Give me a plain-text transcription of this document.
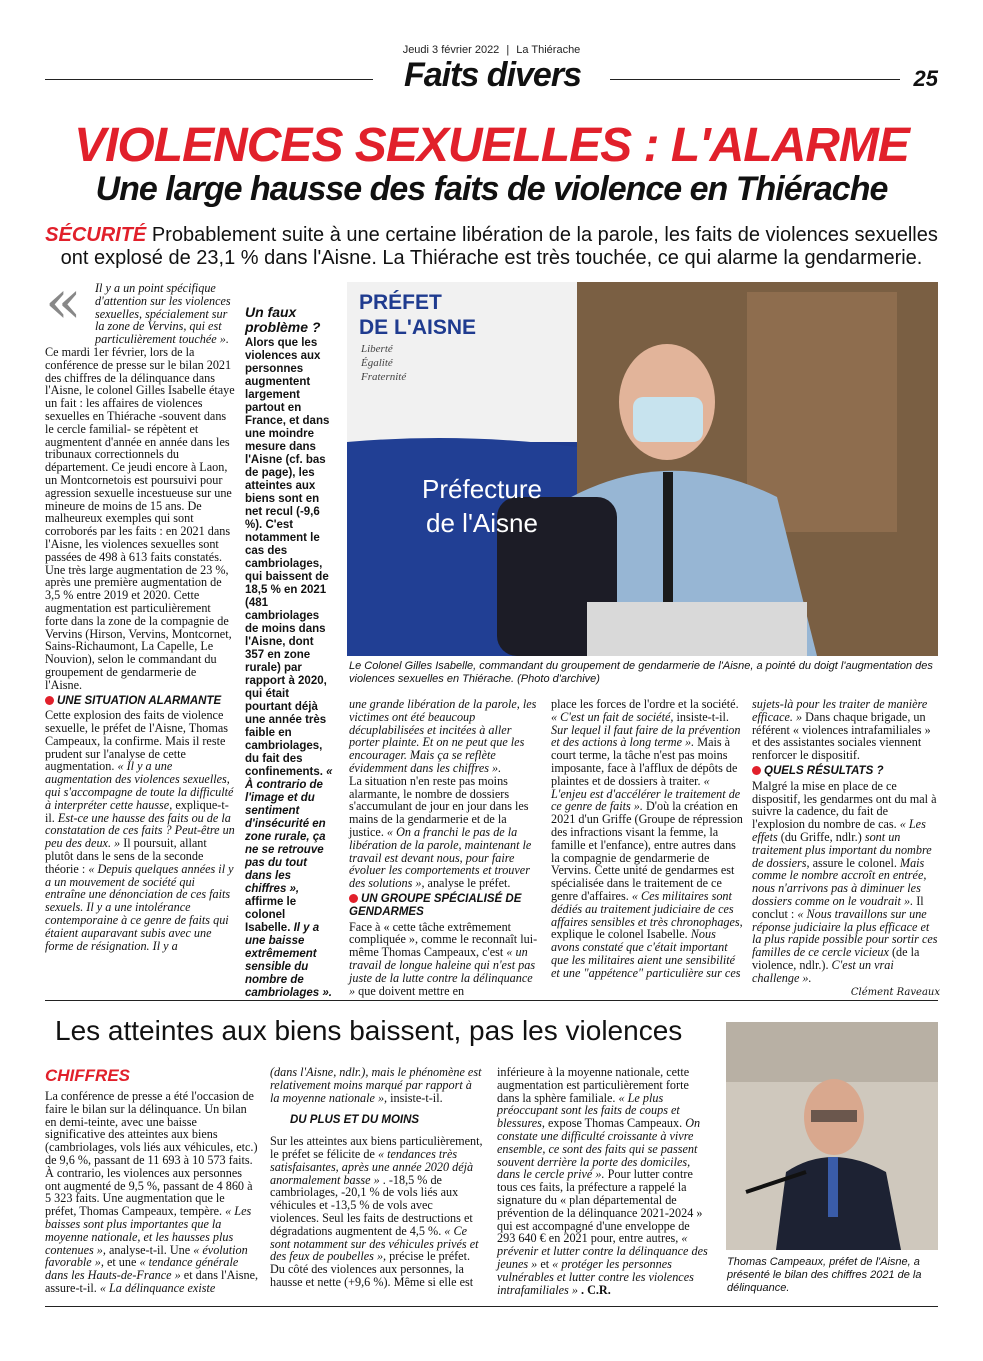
Jeudi 3 février 2022 | La Thiérache
Faits divers	25
VIOLENCES SEXUELLES : L'ALARME
Une large hausse des faits de violence en Thiérache
SÉCURITÉ Probablement suite à une certaine libération de la parole, les faits de violences sexuelles ont explosé de 23,1 % dans l'Aisne. La Thiérache est très touchée, ce qui alarme la gendarmerie.
«	Il y a un point spécifique d'attention sur les violences sexuelles, spécialement sur la zone de Vervins, qui est particulièrement touchée ».

Ce mardi 1er février, lors de la conférence de presse sur le bilan 2021 des chiffres de la délinquance dans l'Aisne, le colonel Gilles Isabelle étaye un fait : les affaires de violences sexuelles en Thiérache -souvent dans le cercle familial- se répètent et augmentent d'année en année dans les tribunaux correctionnels du département. Ce jeudi encore à Laon, un Montcornetois est poursuivi pour agression sexuelle incestueuse sur une mineure de moins de 15 ans. De malheureux exemples qui sont corroborés par les faits : en 2021 dans l'Aisne, les violences sexuelles sont passées de 498 à 613 faits constatés. Une très large augmentation de 23 %, après une première augmentation de 3,5 % entre 2019 et 2020. Cette augmentation est particulièrement forte dans la zone de la compagnie de Vervins (Hirson, Vervins, Montcornet, Sains-Richaumont, La Capelle, Le Nouvion), selon le commandant du groupement de gendarmerie de l'Aisne.

UNE SITUATION ALARMANTE

Cette explosion des faits de violence sexuelle, le préfet de l'Aisne, Thomas Campeaux, la confirme. Mais il reste prudent sur l'analyse de cette augmentation. « Il y a une augmentation des violences sexuelles, qui s'accompagne de toute la difficulté à interpréter cette hausse, explique-t-il. Est-ce une hausse des faits ou de la constatation de ces faits ? Peut-être un peu des deux. » Il poursuit, allant plutôt dans le sens de la seconde théorie : « Depuis quelques années il y a un mouvement de société qui entraîne une dénonciation de ces faits sexuels. Il y a une intolérance contemporaine à ce genre de faits qui étaient auparavant subis avec une forme de résignation. Il y a

Un faux problème ?
Alors que les violences aux personnes augmentent largement partout en France, et dans une moindre mesure dans l'Aisne (cf. bas de page), les atteintes aux biens sont en net recul (-9,6 %). C'est notamment le cas des cambriolages, qui baissent de 18,5 % en 2021 (481 cambriolages de moins dans l'Aisne, dont 357 en zone rurale) par rapport à 2020, qui était pourtant déjà une année très faible en cambriolages, du fait des confinements. « À contrario de l'image et du sentiment d'insécurité en zone rurale, ça ne se retrouve pas du tout dans les chiffres », affirme le colonel Isabelle. Il y a une baisse extrêmement sensible du nombre de cambriolages ».
PRÉFET
DE L'AISNE
Liberté
Égalité
Fraternité
Préfecture
de l'Aisne
Le Colonel Gilles Isabelle, commandant du groupement de gendarmerie de l'Aisne, a pointé du doigt l'augmentation des violences sexuelles en Thiérache. (Photo d'archive)

une grande libération de la parole, les victimes ont été beaucoup décuplabilisées et incitées à aller porter plainte. Et on ne peut que les encourager. Mais ça se reflète évidemment dans les chiffres ».

La situation n'en reste pas moins alarmante, le nombre de dossiers s'accumulant de jour en jour dans les mains de la gendarmerie et de la justice. « On a franchi le pas de la libération de la parole, maintenant le travail est devant nous, pour faire évoluer les comportements et trouver des solutions », analyse le préfet.

UN GROUPE SPÉCIALISÉ DE GENDARMES

Face à « cette tâche extrêmement compliquée », comme le reconnaît lui-même Thomas Campeaux, c'est « un travail de longue haleine qui n'est pas juste de la lutte contre la délinquance » que doivent mettre en

place les forces de l'ordre et la société. « C'est un fait de société, insiste-t-il. Sur lequel il faut faire de la prévention et des actions à long terme ». Mais à court terme, la tâche n'est pas moins imposante, face à l'afflux de dépôts de plaintes et de dossiers à traiter. « L'enjeu est d'accélérer le traitement de ce genre de faits ». D'où la création en 2021 d'un Griffe (Groupe de répression des infractions visant la femme, la famille et l'enfance), entre autres dans la compagnie de gendarmerie de Vervins. Cette unité de gendarmes est spécialisée dans le traitement de ce genre d'affaires. « Ces militaires sont dédiés au traitement judiciaire de ces affaires sensibles et très chronophages, explique le colonel Isabelle. Nous avons constaté que c'était important que les militaires aient une sensibilité et une "appétence" particulière sur ces

sujets-là pour les traiter de manière efficace. » Dans chaque brigade, un référent « violences intrafamiliales » et des assistantes sociales viennent renforcer le dispositif.

QUELS RÉSULTATS ?

Malgré la mise en place de ce dispositif, les gendarmes ont du mal à suivre la cadence, du fait de l'explosion du nombre de cas. « Les effets (du Griffe, ndlr.) sont un traitement plus important du nombre de dossiers, assure le colonel. Mais comme le nombre accroît en entrée, nous n'arrivons pas à diminuer les dossiers comme on le voudrait ». Il conclut : « Nous travaillons sur une réponse judiciaire la plus efficace et la plus rapide possible pour sortir ces familles de ce cercle vicieux (de la violence, ndlr.). C'est un vrai challenge ».

Clément Raveaux
Les atteintes aux biens baissent, pas les violences
CHIFFRES

La conférence de presse a été l'occasion de faire le bilan sur la délinquance. Un bilan en demi-teinte, avec une baisse significative des atteintes aux biens (cambriolages, vols liés aux véhicules, etc.) de 9,6 %, passant de 11 693 à 10 573 faits. À contrario, les violences aux personnes ont augmenté de 9,5 %, passant de 4 860 à 5 323 faits. Une augmentation que le préfet, Thomas Campeaux, tempère. « Les baisses sont plus importantes que la moyenne nationale, et les hausses plus contenues », analyse-t-il. Une « évolution favorable », et une « tendance générale dans les Hauts-de-France » et dans l'Aisne, assure-t-il. « La délinquance existe

(dans l'Aisne, ndlr.), mais le phénomène est relativement moins marqué par rapport à la moyenne nationale », insiste-t-il.

DU PLUS ET DU MOINS

Sur les atteintes aux biens particulièrement, le préfet se félicite de « tendances très satisfaisantes, après une année 2020 déjà anormalement basse » . -18,5 % de cambriolages, -20,1 % de vols liés aux véhicules et -13,5 % de vols avec violences. Seul les faits de destructions et dégradations augmentent de 4,5 %. « Ce sont notamment sur des véhicules privés et des feux de poubelles », précise le préfet. Du côté des violences aux personnes, la hausse et nette (+9,6 %). Même si elle est

inférieure à la moyenne nationale, cette augmentation est particulièrement forte dans la sphère familiale. « Le plus préoccupant sont les faits de coups et blessures, expose Thomas Campeaux. On constate une difficulté croissante à vivre ensemble, ce sont des faits qui se passent souvent derrière la porte des domiciles, dans le cercle privé ». Pour lutter contre tous ces faits, la préfecture a rappelé la signature du « plan départemental de prévention de la délinquance 2021-2024 » qui est accompagné d'une enveloppe de 293 640 € en 2021 pour, entre autres, « prévenir et lutter contre la délinquance des jeunes » et « protéger les personnes vulnérables et lutter contre les violences intrafamiliales » . C.R.

Thomas Campeaux, préfet de l'Aisne, a présenté le bilan des chiffres 2021 de la délinquance.
